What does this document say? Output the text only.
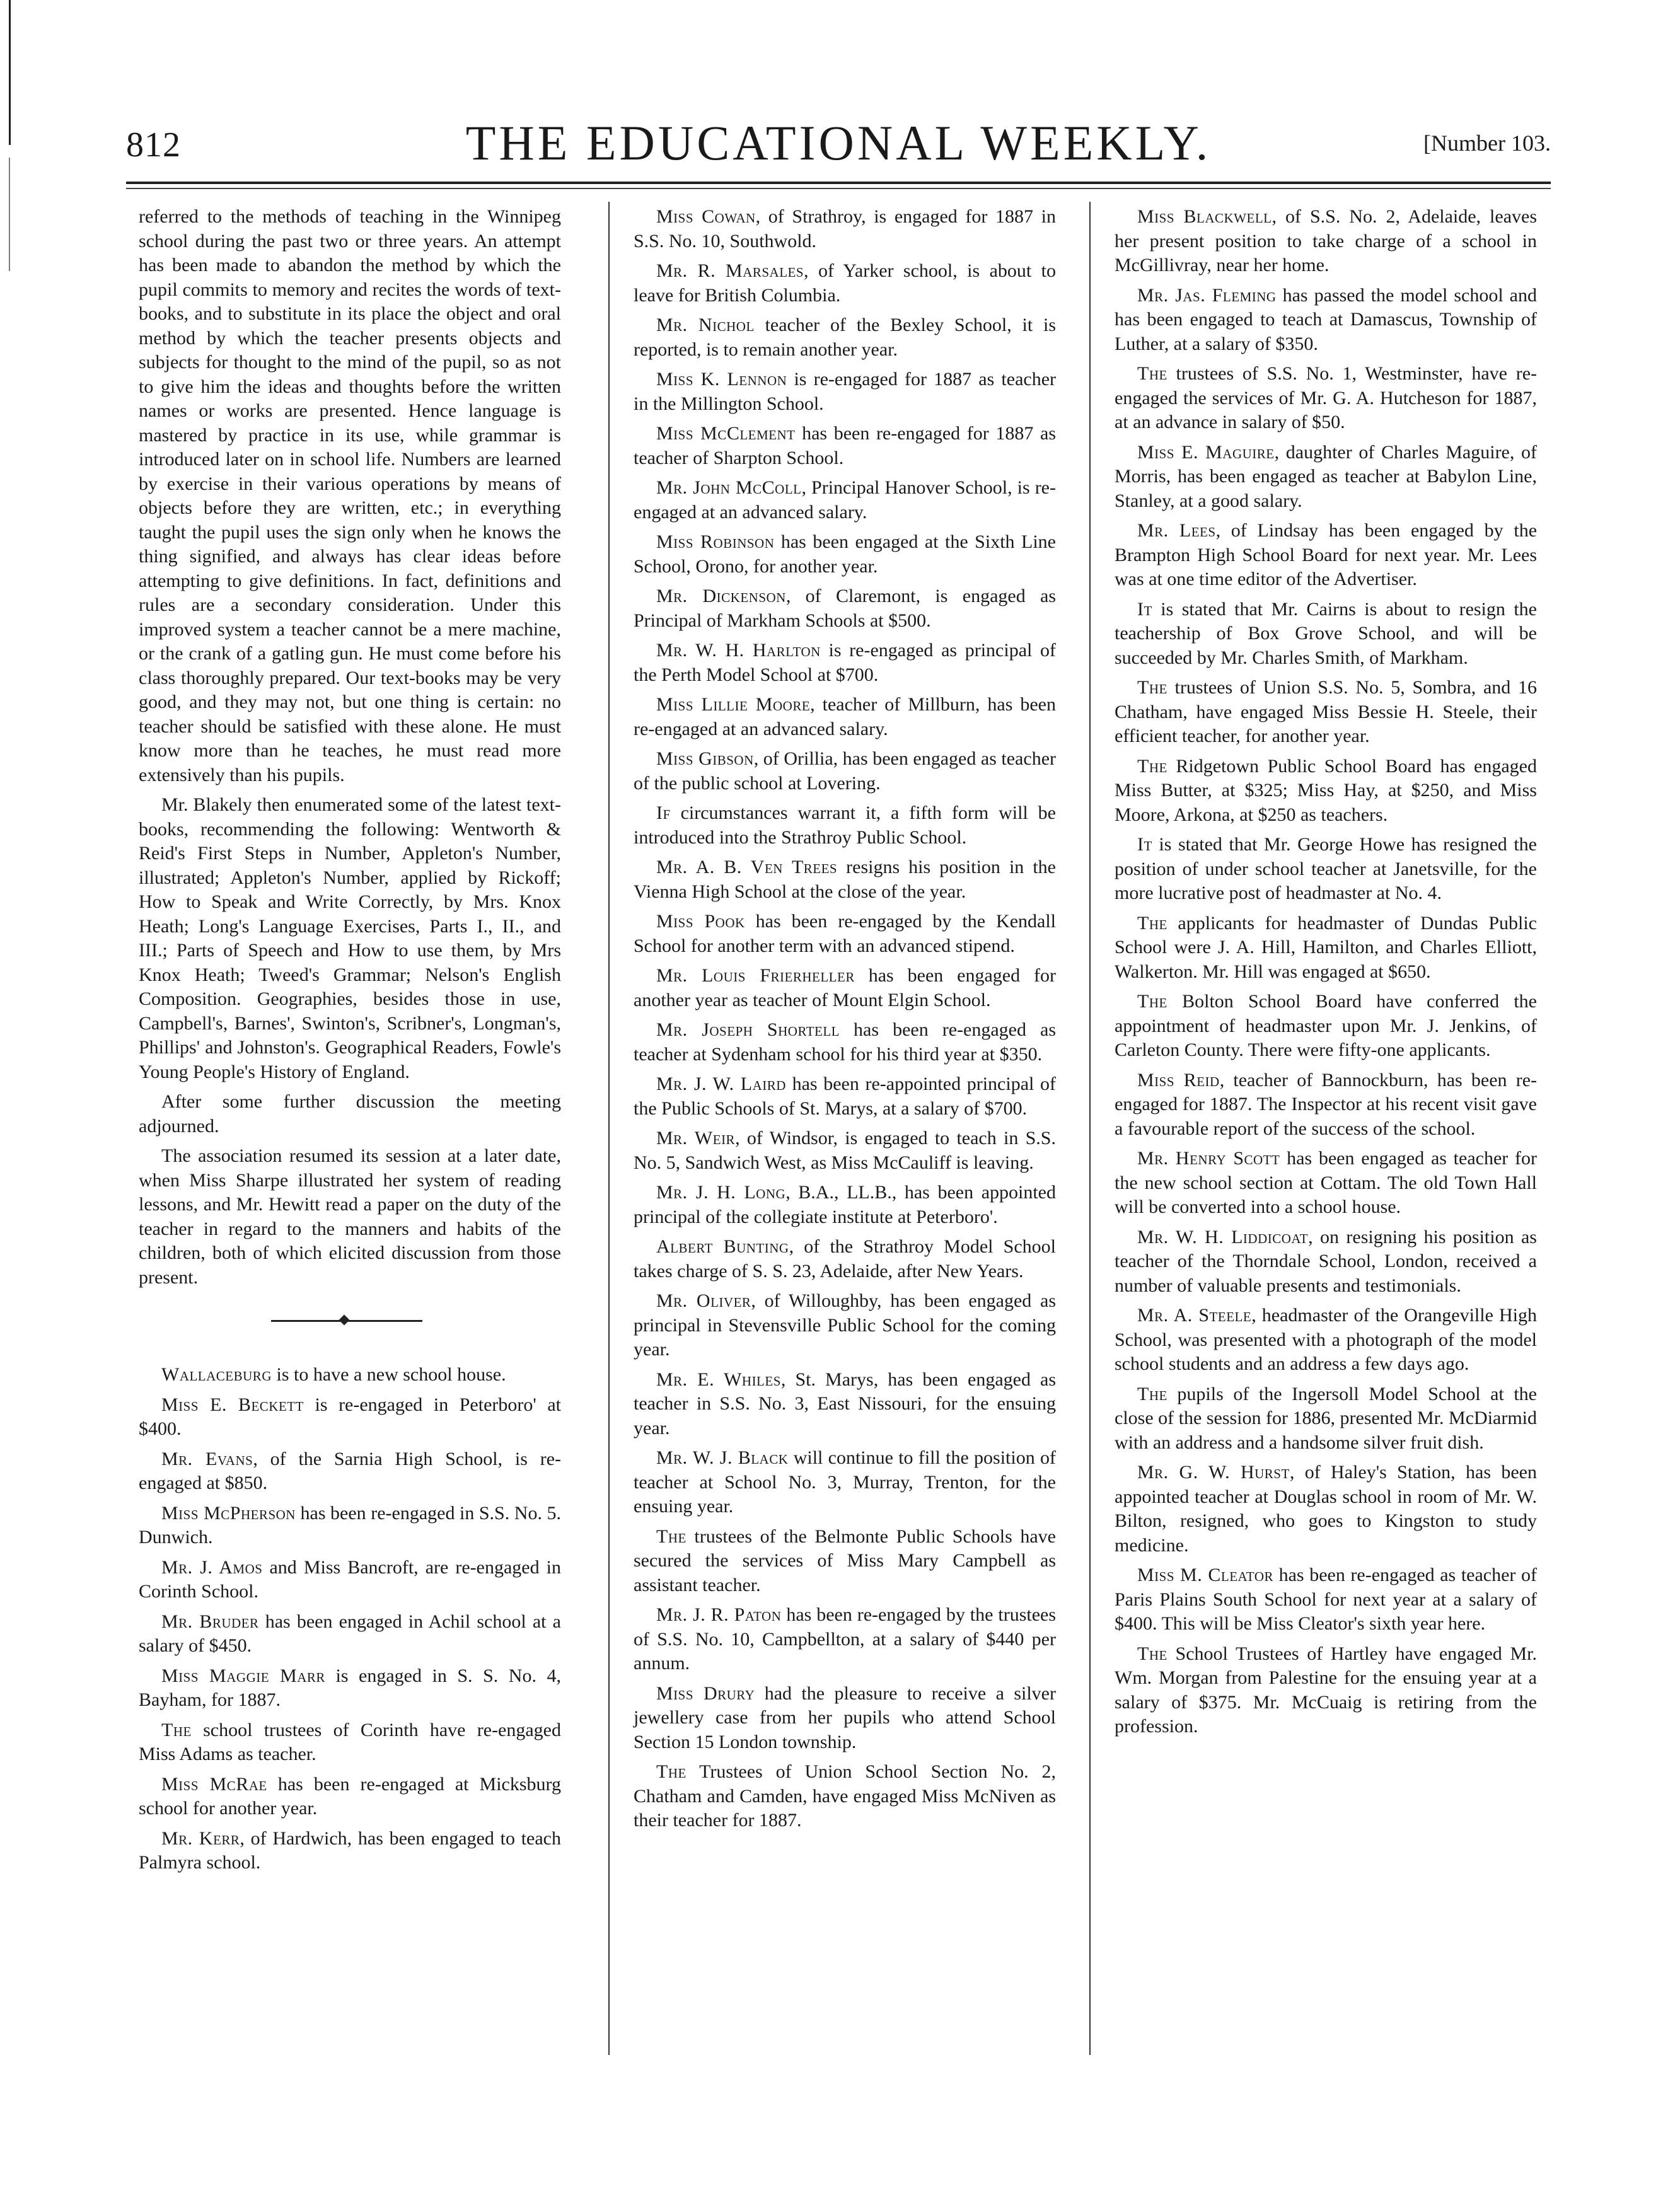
812	THE EDUCATIONAL WEEKLY.	[Number 103.

referred to the methods of teaching in the Winnipeg school during the past two or three years. An attempt has been made to abandon the method by which the pupil commits to memory and recites the words of text-books, and to substitute in its place the object and oral method by which the teacher presents objects and subjects for thought to the mind of the pupil, so as not to give him the ideas and thoughts before the written names or works are presented. Hence language is mastered by practice in its use, while grammar is introduced later on in school life. Numbers are learned by exercise in their various operations by means of objects before they are written, etc.; in everything taught the pupil uses the sign only when he knows the thing signified, and always has clear ideas before attempting to give definitions. In fact, definitions and rules are a secondary consideration. Under this improved system a teacher cannot be a mere machine, or the crank of a gatling gun. He must come before his class thoroughly prepared. Our text-books may be very good, and they may not, but one thing is certain: no teacher should be satisfied with these alone. He must know more than he teaches, he must read more extensively than his pupils.

Mr. Blakely then enumerated some of the latest text-books, recommending the following: Wentworth & Reid's First Steps in Number, Appleton's Number, illustrated; Appleton's Number, applied by Rickoff; How to Speak and Write Correctly, by Mrs. Knox Heath; Long's Language Exercises, Parts I., II., and III.; Parts of Speech and How to use them, by Mrs Knox Heath; Tweed's Grammar; Nelson's English Composition. Geographies, besides those in use, Campbell's, Barnes', Swinton's, Scribner's, Longman's, Phillips' and Johnston's. Geographical Readers, Fowle's Young People's History of England.

After some further discussion the meeting adjourned.

The association resumed its session at a later date, when Miss Sharpe illustrated her system of reading lessons, and Mr. Hewitt read a paper on the duty of the teacher in regard to the manners and habits of the children, both of which elicited discussion from those present.

Wallaceburg is to have a new school house.

Miss E. Beckett is re-engaged in Peterboro' at $400.

Mr. Evans, of the Sarnia High School, is re-engaged at $850.

Miss McPherson has been re-engaged in S.S. No. 5. Dunwich.

Mr. J. Amos and Miss Bancroft, are re-engaged in Corinth School.

Mr. Bruder has been engaged in Achil school at a salary of $450.

Miss Maggie Marr is engaged in S. S. No. 4, Bayham, for 1887.

The school trustees of Corinth have re-engaged Miss Adams as teacher.

Miss McRae has been re-engaged at Micksburg school for another year.

Mr. Kerr, of Hardwich, has been engaged to teach Palmyra school.

Miss Cowan, of Strathroy, is engaged for 1887 in S.S. No. 10, Southwold.

Mr. R. Marsales, of Yarker school, is about to leave for British Columbia.

Mr. Nichol teacher of the Bexley School, it is reported, is to remain another year.

Miss K. Lennon is re-engaged for 1887 as teacher in the Millington School.

Miss McClement has been re-engaged for 1887 as teacher of Sharpton School.

Mr. John McColl, Principal Hanover School, is re-engaged at an advanced salary.

Miss Robinson has been engaged at the Sixth Line School, Orono, for another year.

Mr. Dickenson, of Claremont, is engaged as Principal of Markham Schools at $500.

Mr. W. H. Harlton is re-engaged as principal of the Perth Model School at $700.

Miss Lillie Moore, teacher of Millburn, has been re-engaged at an advanced salary.

Miss Gibson, of Orillia, has been engaged as teacher of the public school at Lovering.

If circumstances warrant it, a fifth form will be introduced into the Strathroy Public School.

Mr. A. B. Ven Trees resigns his position in the Vienna High School at the close of the year.

Miss Pook has been re-engaged by the Kendall School for another term with an advanced stipend.

Mr. Louis Frierheller has been engaged for another year as teacher of Mount Elgin School.

Mr. Joseph Shortell has been re-engaged as teacher at Sydenham school for his third year at $350.

Mr. J. W. Laird has been re-appointed principal of the Public Schools of St. Marys, at a salary of $700.

Mr. Weir, of Windsor, is engaged to teach in S.S. No. 5, Sandwich West, as Miss McCauliff is leaving.

Mr. J. H. Long, B.A., LL.B., has been appointed principal of the collegiate institute at Peterboro'.

Albert Bunting, of the Strathroy Model School takes charge of S. S. 23, Adelaide, after New Years.

Mr. Oliver, of Willoughby, has been engaged as principal in Stevensville Public School for the coming year.

Mr. E. Whiles, St. Marys, has been engaged as teacher in S.S. No. 3, East Nissouri, for the ensuing year.

Mr. W. J. Black will continue to fill the position of teacher at School No. 3, Murray, Trenton, for the ensuing year.

The trustees of the Belmonte Public Schools have secured the services of Miss Mary Campbell as assistant teacher.

Mr. J. R. Paton has been re-engaged by the trustees of S.S. No. 10, Campbellton, at a salary of $440 per annum.

Miss Drury had the pleasure to receive a silver jewellery case from her pupils who attend School Section 15 London township.

The Trustees of Union School Section No. 2, Chatham and Camden, have engaged Miss McNiven as their teacher for 1887.

Miss Blackwell, of S.S. No. 2, Adelaide, leaves her present position to take charge of a school in McGillivray, near her home.

Mr. Jas. Fleming has passed the model school and has been engaged to teach at Damascus, Township of Luther, at a salary of $350.

The trustees of S.S. No. 1, Westminster, have re-engaged the services of Mr. G. A. Hutcheson for 1887, at an advance in salary of $50.

Miss E. Maguire, daughter of Charles Maguire, of Morris, has been engaged as teacher at Babylon Line, Stanley, at a good salary.

Mr. Lees, of Lindsay has been engaged by the Brampton High School Board for next year. Mr. Lees was at one time editor of the Advertiser.

It is stated that Mr. Cairns is about to resign the teachership of Box Grove School, and will be succeeded by Mr. Charles Smith, of Markham.

The trustees of Union S.S. No. 5, Sombra, and 16 Chatham, have engaged Miss Bessie H. Steele, their efficient teacher, for another year.

The Ridgetown Public School Board has engaged Miss Butter, at $325; Miss Hay, at $250, and Miss Moore, Arkona, at $250 as teachers.

It is stated that Mr. George Howe has resigned the position of under school teacher at Janetsville, for the more lucrative post of headmaster at No. 4.

The applicants for headmaster of Dundas Public School were J. A. Hill, Hamilton, and Charles Elliott, Walkerton. Mr. Hill was engaged at $650.

The Bolton School Board have conferred the appointment of headmaster upon Mr. J. Jenkins, of Carleton County. There were fifty-one applicants.

Miss Reid, teacher of Bannockburn, has been re-engaged for 1887. The Inspector at his recent visit gave a favourable report of the success of the school.

Mr. Henry Scott has been engaged as teacher for the new school section at Cottam. The old Town Hall will be converted into a school house.

Mr. W. H. Liddicoat, on resigning his position as teacher of the Thorndale School, London, received a number of valuable presents and testimonials.

Mr. A. Steele, headmaster of the Orangeville High School, was presented with a photograph of the model school students and an address a few days ago.

The pupils of the Ingersoll Model School at the close of the session for 1886, presented Mr. McDiarmid with an address and a handsome silver fruit dish.

Mr. G. W. Hurst, of Haley's Station, has been appointed teacher at Douglas school in room of Mr. W. Bilton, resigned, who goes to Kingston to study medicine.

Miss M. Cleator has been re-engaged as teacher of Paris Plains South School for next year at a salary of $400. This will be Miss Cleator's sixth year here.

The School Trustees of Hartley have engaged Mr. Wm. Morgan from Palestine for the ensuing year at a salary of $375. Mr. McCuaig is retiring from the profession.
